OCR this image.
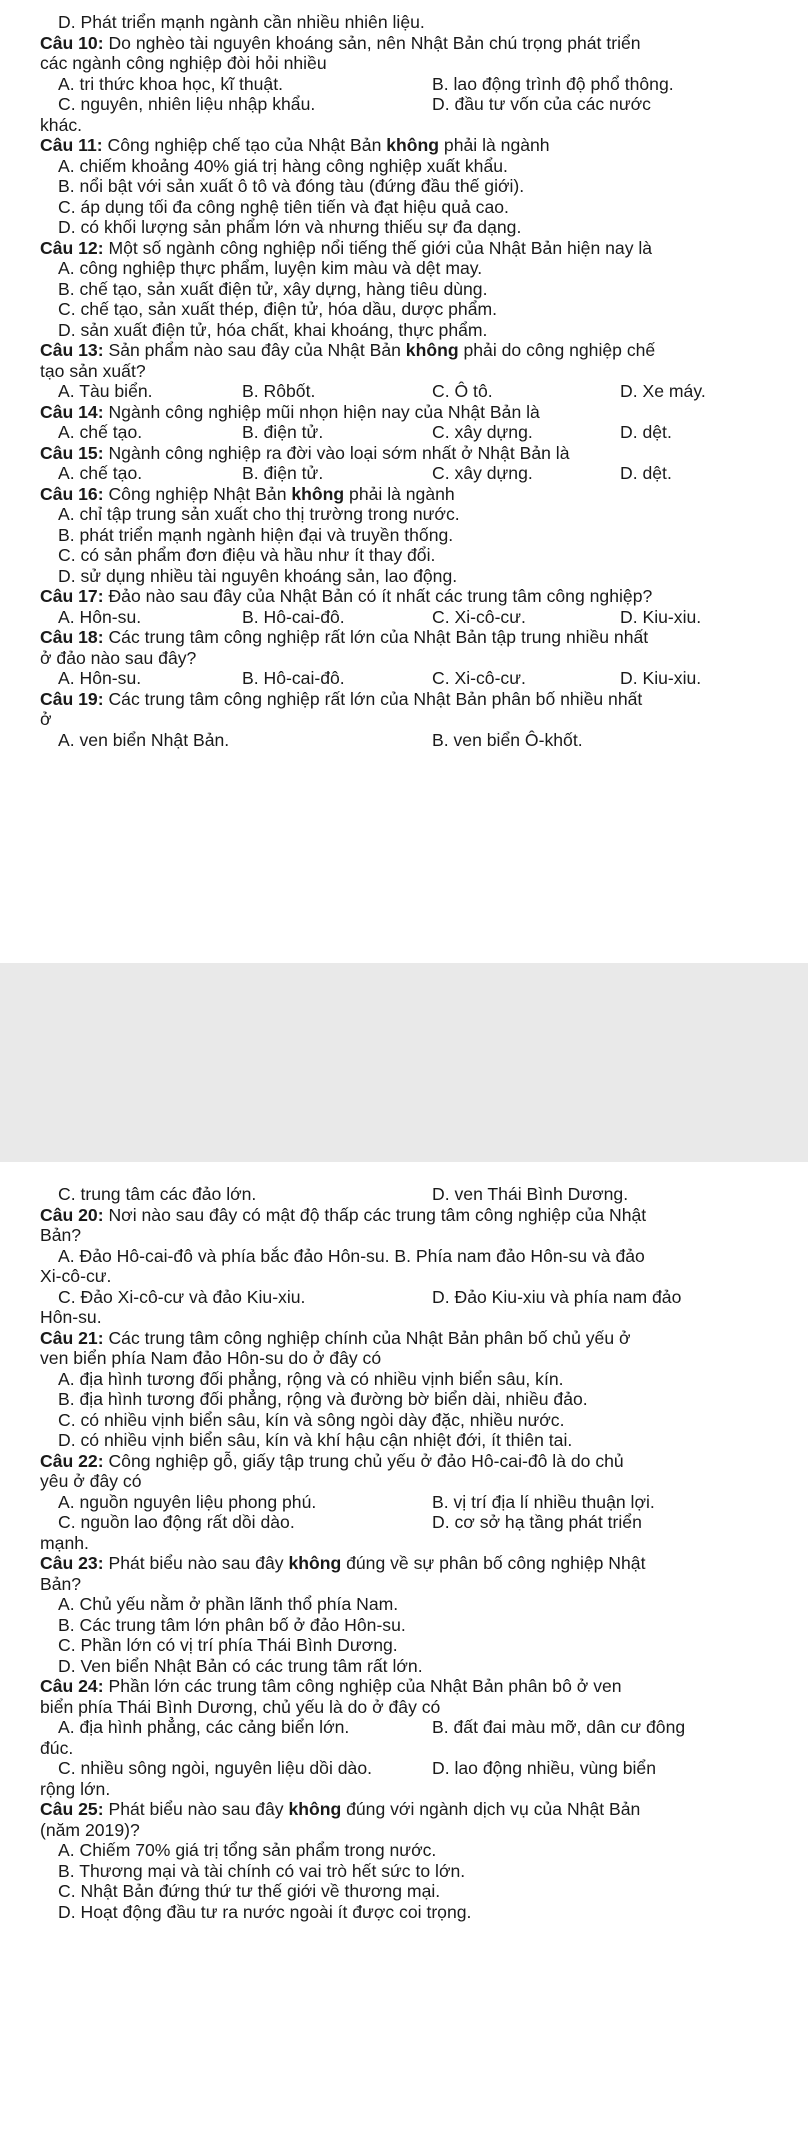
D. Phát triển mạnh ngành cần nhiều nhiên liệu.
Câu 10: Do nghèo tài nguyên khoáng sản, nên Nhật Bản chú trọng phát triển
các ngành công nghiệp đòi hỏi nhiều
A. tri thức khoa học, kĩ thuật.	B. lao động trình độ phổ thông.
C. nguyên, nhiên liệu nhập khẩu.	D. đầu tư vốn của các nước
khác.
Câu 11: Công nghiệp chế tạo của Nhật Bản không phải là ngành
A. chiếm khoảng 40% giá trị hàng công nghiệp xuất khẩu.
B. nổi bật với sản xuất ô tô và đóng tàu (đứng đầu thế giới).
C. áp dụng tối đa công nghệ tiên tiến và đạt hiệu quả cao.
D. có khối lượng sản phẩm lớn và nhưng thiếu sự đa dạng.
Câu 12: Một số ngành công nghiệp nổi tiếng thế giới của Nhật Bản hiện nay là
A. công nghiệp thực phẩm, luyện kim màu và dệt may.
B. chế tạo, sản xuất điện tử, xây dựng, hàng tiêu dùng.
C. chế tạo, sản xuất thép, điện tử, hóa dầu, dược phẩm.
D. sản xuất điện tử, hóa chất, khai khoáng, thực phẩm.
Câu 13: Sản phẩm nào sau đây của Nhật Bản không phải do công nghiệp chế
tạo sản xuất?
A. Tàu biển.	B. Rôbốt.	C. Ô tô.	D. Xe máy.
Câu 14: Ngành công nghiệp mũi nhọn hiện nay của Nhật Bản là
A. chế tạo.	B. điện tử.	C. xây dựng.	D. dệt.
Câu 15: Ngành công nghiệp ra đời vào loại sớm nhất ở Nhật Bản là
A. chế tạo.	B. điện tử.	C. xây dựng.	D. dệt.
Câu 16: Công nghiệp Nhật Bản không phải là ngành
A. chỉ tập trung sản xuất cho thị trường trong nước.
B. phát triển mạnh ngành hiện đại và truyền thống.
C. có sản phẩm đơn điệu và hầu như ít thay đổi.
D. sử dụng nhiều tài nguyên khoáng sản, lao động.
Câu 17: Đảo nào sau đây của Nhật Bản có ít nhất các trung tâm công nghiệp?
A. Hôn-su.	B. Hô-cai-đô.	C. Xi-cô-cư.	D. Kiu-xiu.
Câu 18: Các trung tâm công nghiệp rất lớn của Nhật Bản tập trung nhiều nhất
ở đảo nào sau đây?
A. Hôn-su.	B. Hô-cai-đô.	C. Xi-cô-cư.	D. Kiu-xiu.
Câu 19: Các trung tâm công nghiệp rất lớn của Nhật Bản phân bố nhiều nhất
ở
A. ven biển Nhật Bản.	B. ven biển Ô-khốt.
C. trung tâm các đảo lớn.	D. ven Thái Bình Dương.
Câu 20: Nơi nào sau đây có mật độ thấp các trung tâm công nghiệp của Nhật
Bản?
A. Đảo Hô-cai-đô và phía bắc đảo Hôn-su. B. Phía nam đảo Hôn-su và đảo
Xi-cô-cư.
C. Đảo Xi-cô-cư và đảo Kiu-xiu.	D. Đảo Kiu-xiu và phía nam đảo
Hôn-su.
Câu 21: Các trung tâm công nghiệp chính của Nhật Bản phân bố chủ yếu ở
ven biển phía Nam đảo Hôn-su do ở đây có
A. địa hình tương đối phẳng, rộng và có nhiều vịnh biển sâu, kín.
B. địa hình tương đối phẳng, rộng và đường bờ biển dài, nhiều đảo.
C. có nhiều vịnh biển sâu, kín và sông ngòi dày đặc, nhiều nước.
D. có nhiều vịnh biển sâu, kín và khí hậu cận nhiệt đới, ít thiên tai.
Câu 22: Công nghiệp gỗ, giấy tập trung chủ yếu ở đảo Hô-cai-đô là do chủ
yêu ở đây có
A. nguồn nguyên liệu phong phú.	B. vị trí địa lí nhiều thuận lợi.
C. nguồn lao động rất dồi dào.	D. cơ sở hạ tầng phát triển
mạnh.
Câu 23: Phát biểu nào sau đây không đúng về sự phân bố công nghiệp Nhật
Bản?
A. Chủ yếu nằm ở phần lãnh thổ phía Nam.
B. Các trung tâm lớn phân bố ở đảo Hôn-su.
C. Phần lớn có vị trí phía Thái Bình Dương.
D. Ven biển Nhật Bản có các trung tâm rất lớn.
Câu 24: Phần lớn các trung tâm công nghiệp của Nhật Bản phân bô ở ven
biển phía Thái Bình Dương, chủ yếu là do ở đây có
A. địa hình phẳng, các cảng biển lớn.	B. đất đai màu mỡ, dân cư đông
đúc.
C. nhiều sông ngòi, nguyên liệu dồi dào.	D. lao động nhiều, vùng biển
rộng lớn.
Câu 25: Phát biểu nào sau đây không đúng với ngành dịch vụ của Nhật Bản
(năm 2019)?
A. Chiếm 70% giá trị tổng sản phẩm trong nước.
B. Thương mại và tài chính có vai trò hết sức to lớn.
C. Nhật Bản đứng thứ tư thế giới về thương mại.
D. Hoạt động đầu tư ra nước ngoài ít được coi trọng.
